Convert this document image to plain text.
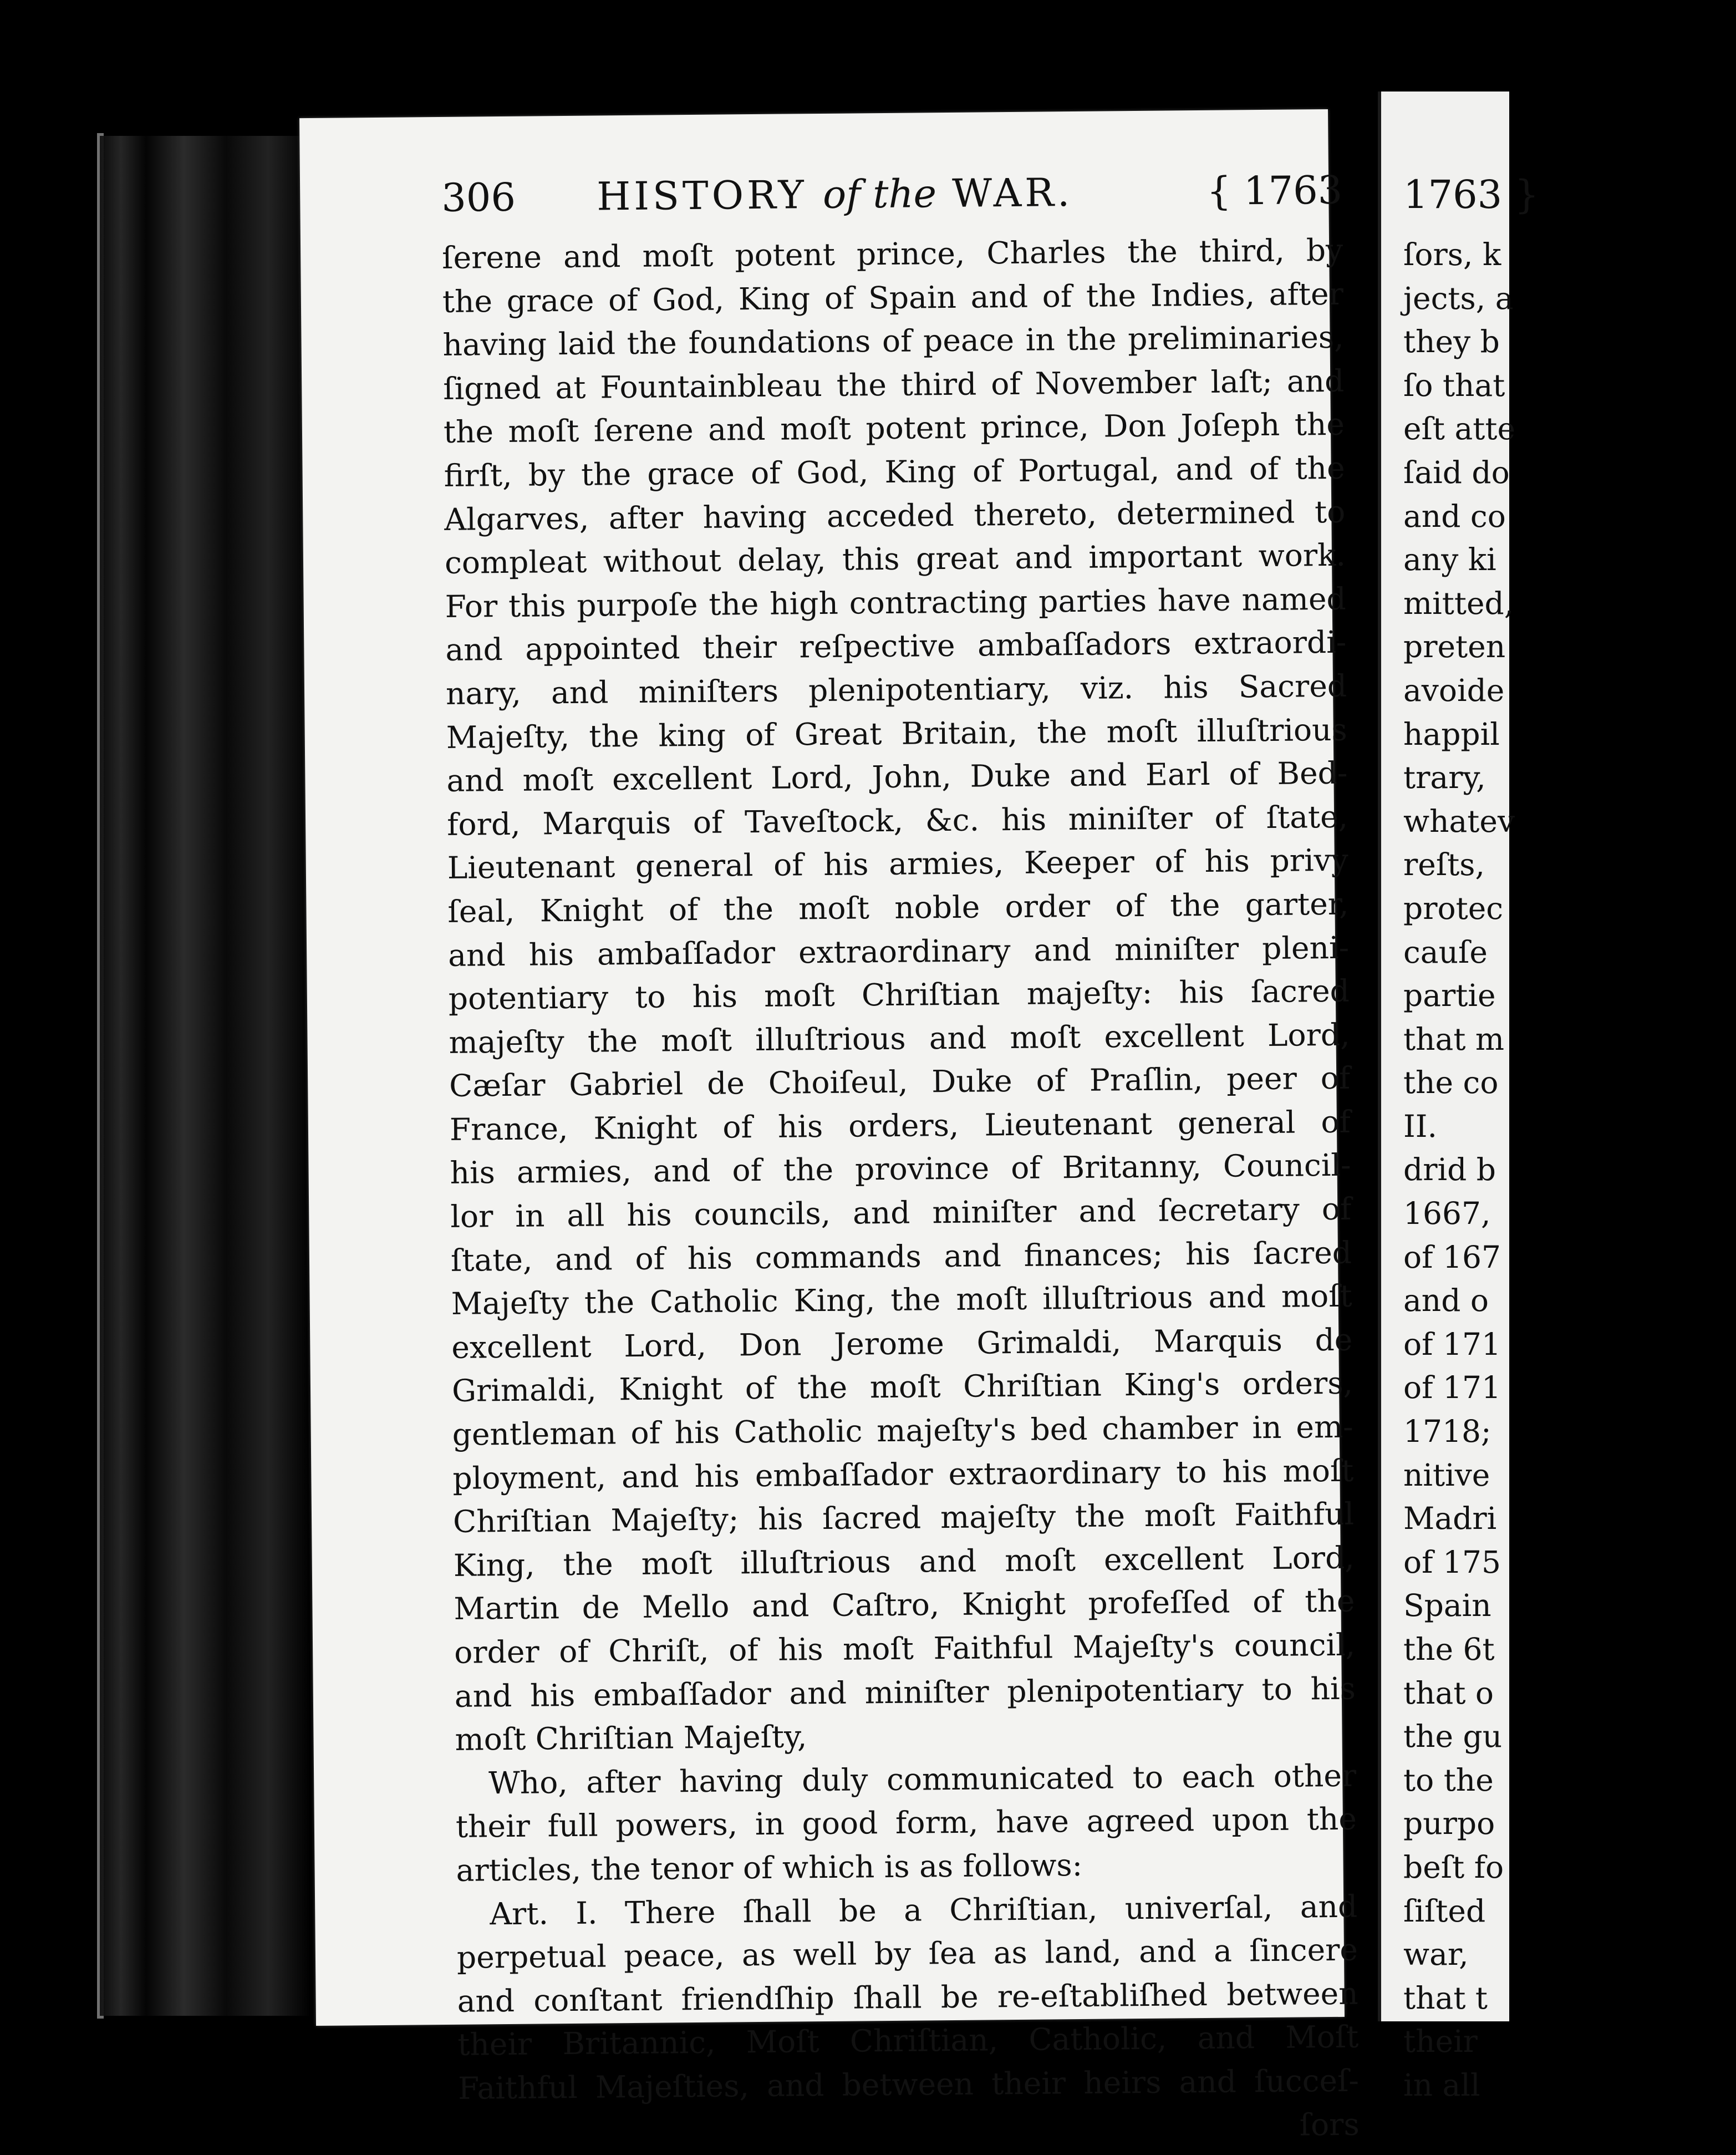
306 HISTORY of the WAR.	{ 1763
ſerene and moſt potent prince, Charles the third, by
the grace of God, King of Spain and of the Indies, after
having laid the foundations of peace in the preliminaries,
ſigned at Fountainbleau the third of November laſt; and
the moſt ſerene and moſt potent prince, Don Joſeph the
firſt, by the grace of God, King of Portugal, and of the
Algarves, after having acceded thereto, determined to
compleat without delay, this great and important work.
For this purpoſe the high contracting parties have named
and appointed their reſpective ambaſſadors extraordi-
nary, and miniſters plenipotentiary, viz. his Sacred
Majeſty, the king of Great Britain, the moſt illuſtrious
and moſt excellent Lord, John, Duke and Earl of Bed-
ford, Marquis of Taveſtock, &c. his miniſter of ſtate,
Lieutenant general of his armies, Keeper of his privy
ſeal, Knight of the moſt noble order of the garter,
and his ambaſſador extraordinary and miniſter pleni-
potentiary to his moſt Chriſtian majeſty: his ſacred
majeſty the moſt illuſtrious and moſt excellent Lord,
Cæſar Gabriel de Choiſeul, Duke of Praſlin, peer of
France, Knight of his orders, Lieutenant general of
his armies, and of the province of Britanny, Council-
lor in all his councils, and miniſter and ſecretary of
ſtate, and of his commands and finances; his ſacred
Majeſty the Catholic King, the moſt illuſtrious and moſt
excellent Lord, Don Jerome Grimaldi, Marquis de
Grimaldi, Knight of the moſt Chriſtian King's orders,
gentleman of his Catholic majeſty's bed chamber in em-
ployment, and his embaſſador extraordinary to his moſt
Chriſtian Majeſty; his ſacred majeſty the moſt Faithful
King, the moſt illuſtrious and moſt excellent Lord,
Martin de Mello and Caſtro, Knight profeſſed of the
order of Chriſt, of his moſt Faithful Majeſty's council,
and his embaſſador and miniſter plenipotentiary to his
moſt Chriſtian Majeſty,
Who, after having duly communicated to each other
their full powers, in good form, have agreed upon the
articles, the tenor of which is as follows:
Art. I. There ſhall be a Chriſtian, univerſal, and
perpetual peace, as well by ſea as land, and a ſincere
and conſtant friendſhip ſhall be re-eſtabliſhed between
their Britannic, Moſt Chriſtian, Catholic, and Moſt
Faithful Majeſties, and between their heirs and ſucceſ-
ſors
1763 }
ſors, k
jects, a
they b
ſo that
eſt atte
ſaid do
and co
any ki
mitted,
preten
avoide
happil
trary,
whatev
reſts,
protec
cauſe
partie
that m
the co
II.
drid b
1667,
of 167
and o
of 171
of 171
1718;
nitive
Madri
of 175
Spain
the 6t
that o
the gu
to the
purpo
beſt fo
ſiſted
war,
that t
their
in all
